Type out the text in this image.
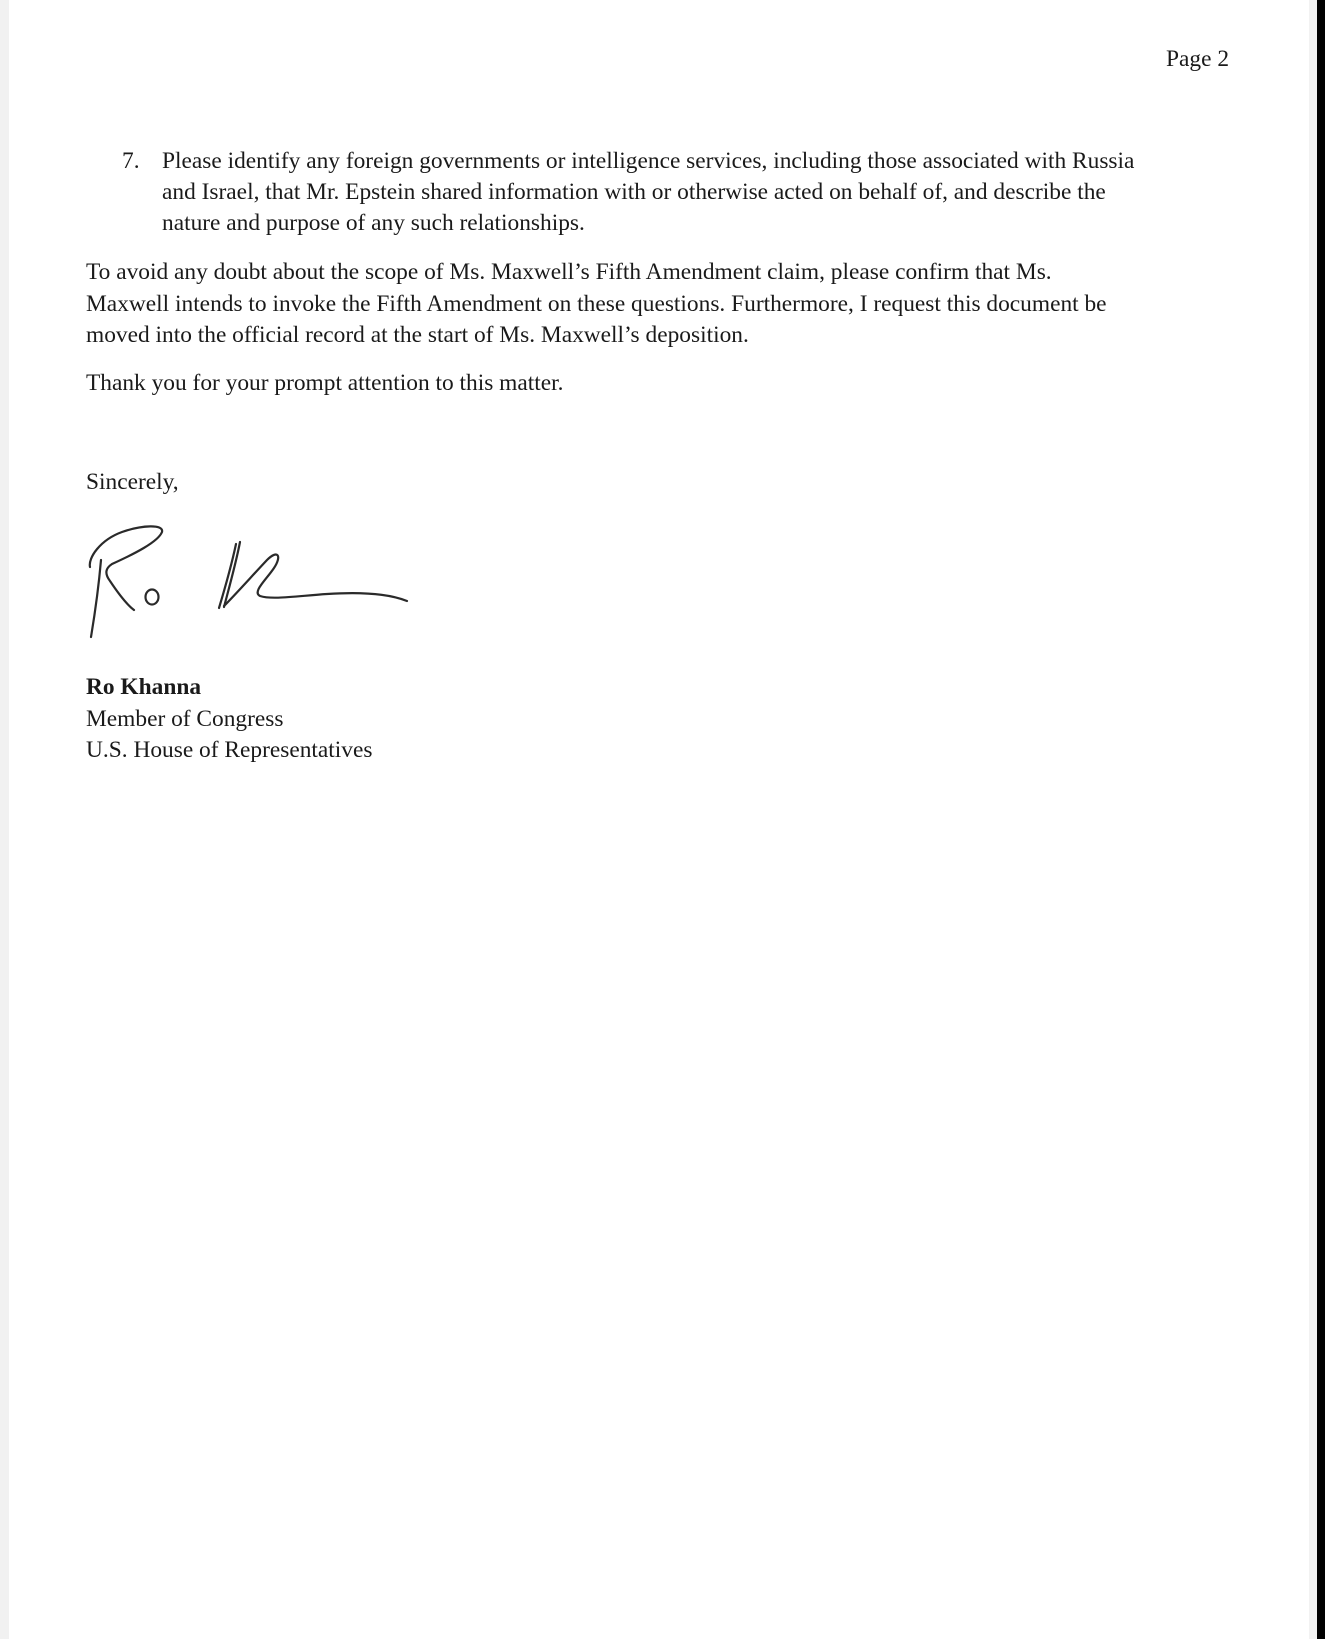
Page 2
7. Please identify any foreign governments or intelligence services, including those associated with Russia
and Israel, that Mr. Epstein shared information with or otherwise acted on behalf of, and describe the
nature and purpose of any such relationships.
To avoid any doubt about the scope of Ms. Maxwell’s Fifth Amendment claim, please confirm that Ms.
Maxwell intends to invoke the Fifth Amendment on these questions. Furthermore, I request this document be
moved into the official record at the start of Ms. Maxwell’s deposition.
Thank you for your prompt attention to this matter.
Sincerely,
Ro Khanna
Member of Congress
U.S. House of Representatives
